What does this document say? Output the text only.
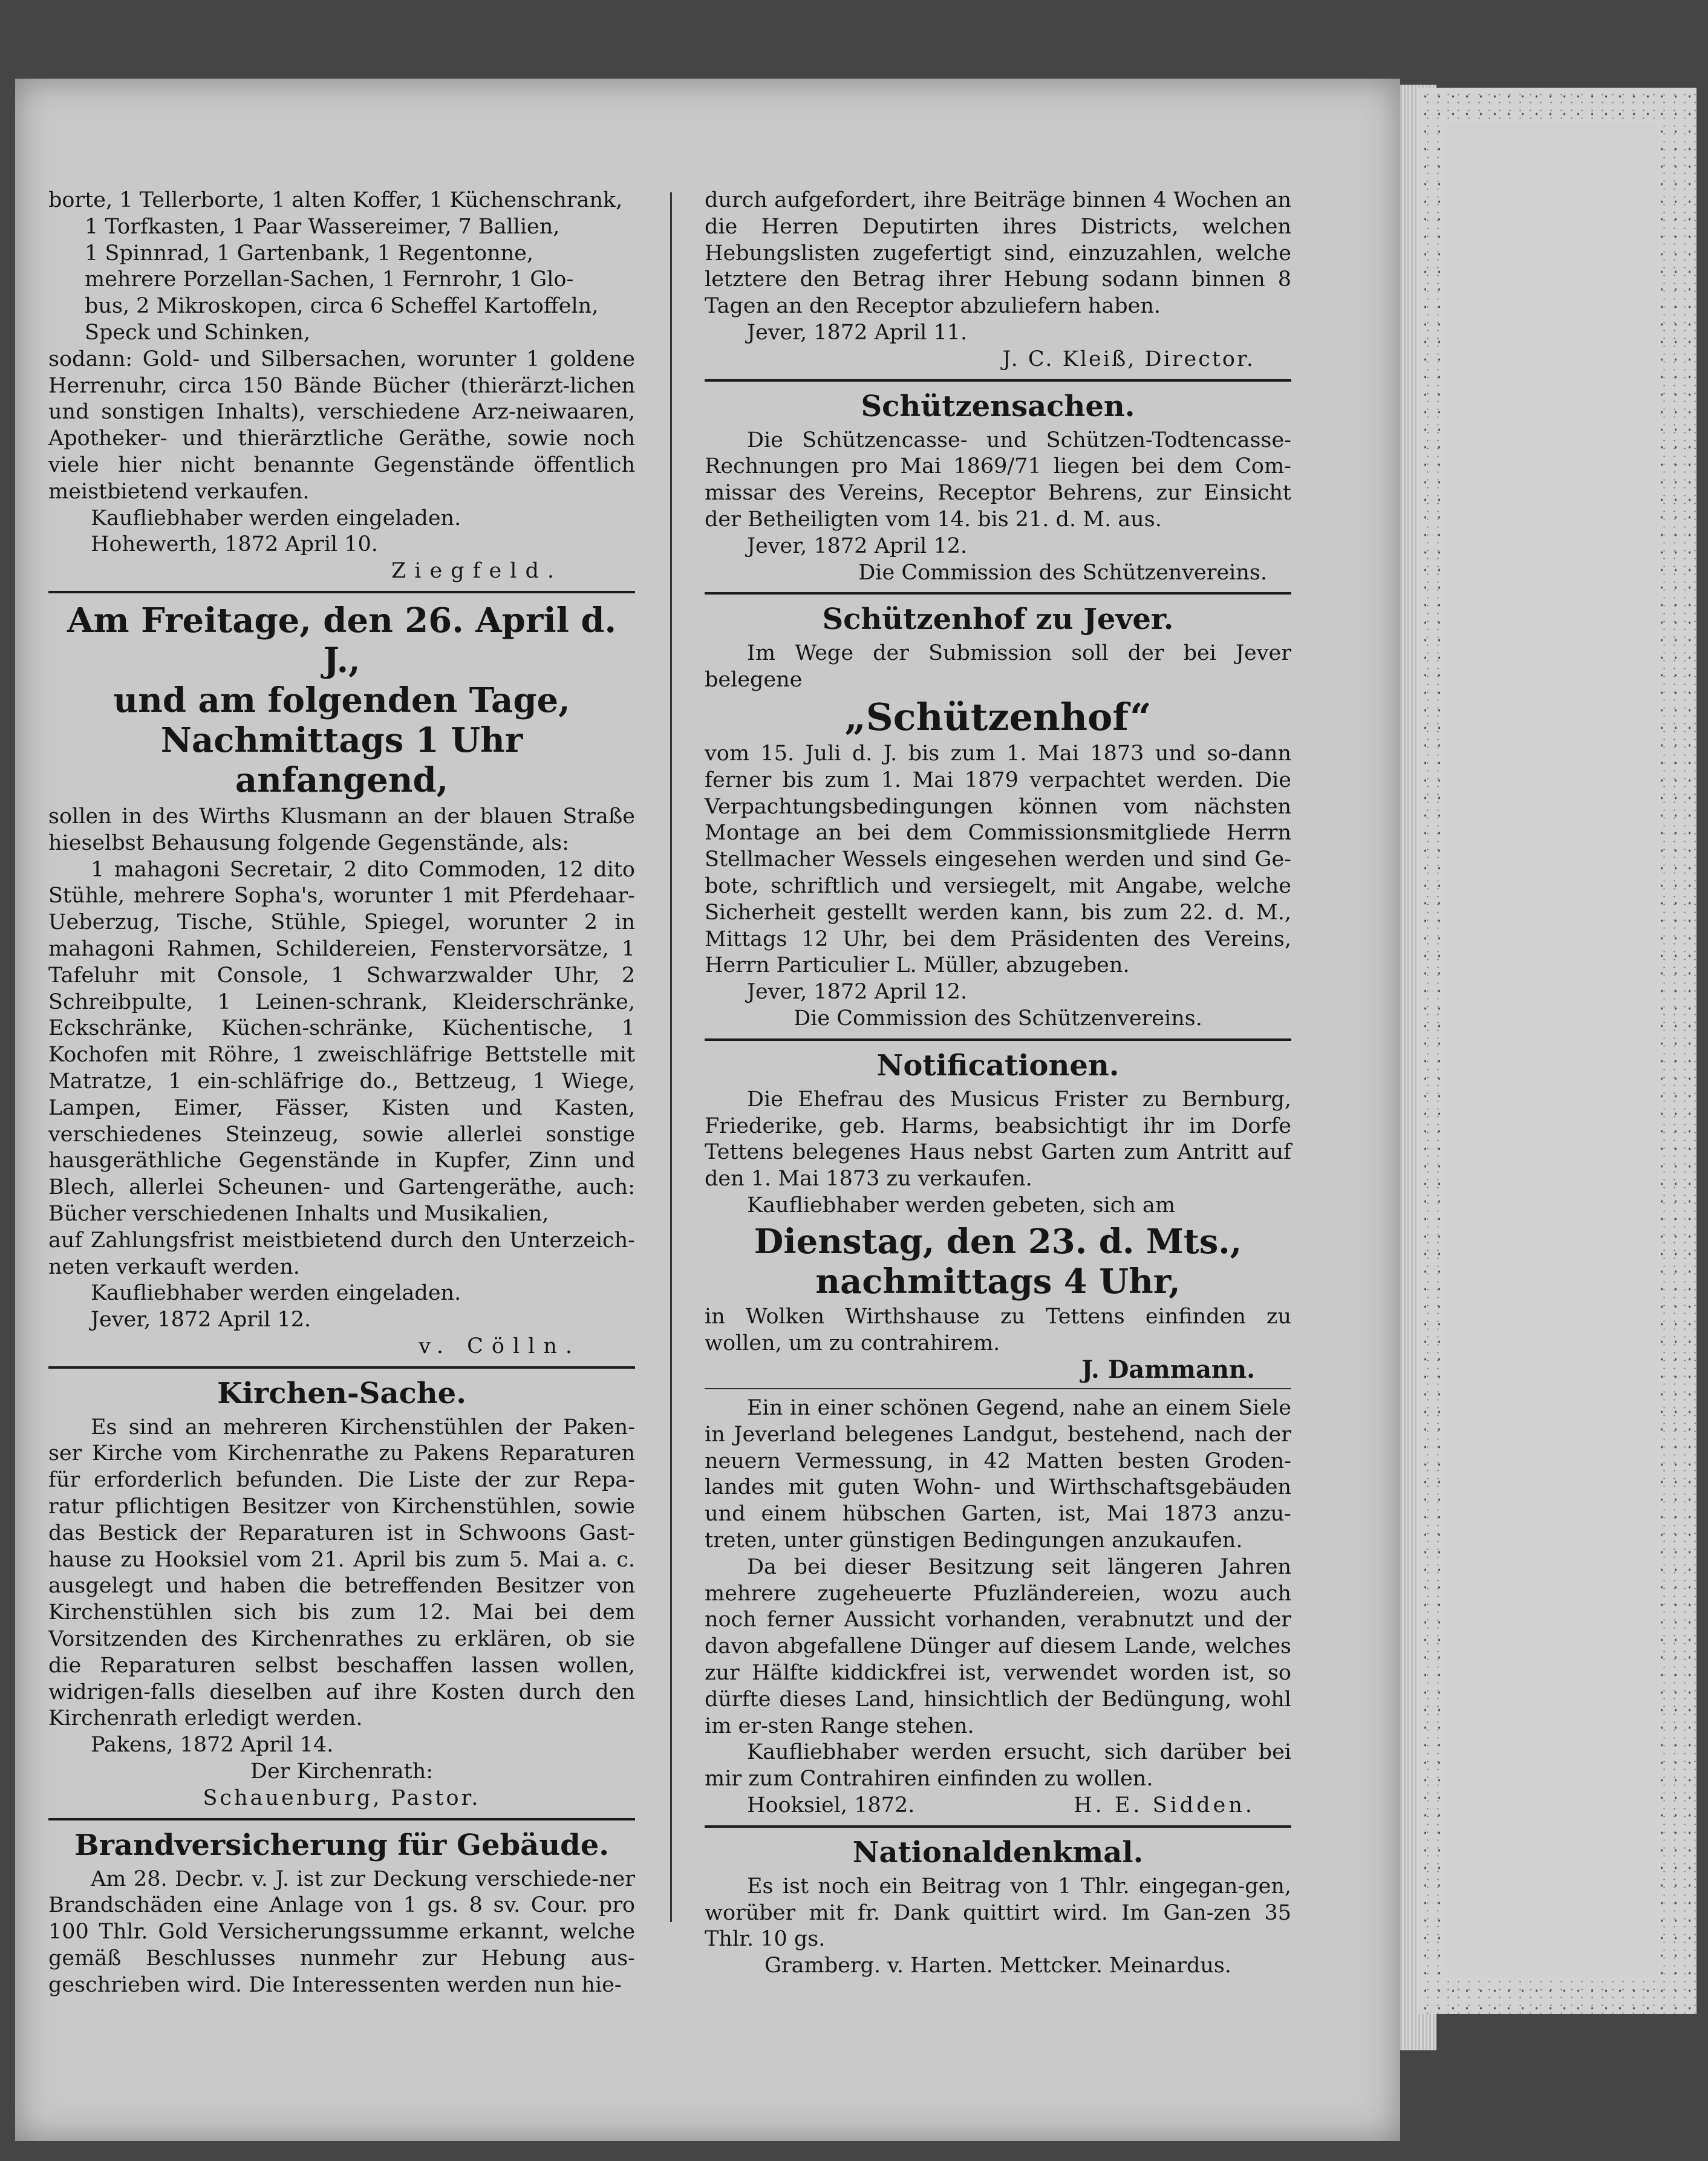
borte, 1 Tellerborte, 1 alten Koffer, 1 Küchenschrank,

1 Torfkasten, 1 Paar Wassereimer, 7 Ballien,

1 Spinnrad, 1 Gartenbank, 1 Regentonne,

mehrere Porzellan-Sachen, 1 Fernrohr, 1 Glo-

bus, 2 Mikroskopen, circa 6 Scheffel Kartoffeln,

Speck und Schinken,

sodann: Gold- und Silbersachen, worunter 1 goldene Herrenuhr, circa 150 Bände Bücher (thierärzt-lichen und sonstigen Inhalts), verschiedene Arz-neiwaaren, Apotheker- und thierärztliche Geräthe, sowie noch viele hier nicht benannte Gegenstände öffentlich meistbietend verkaufen.

Kaufliebhaber werden eingeladen.

Hohewerth, 1872 April 10.

Ziegfeld.

Am Freitage, den 26. April d. J.,
und am folgenden Tage,
Nachmittags 1 Uhr anfangend,

sollen in des Wirths Klusmann an der blauen Straße hieselbst Behausung folgende Gegenstände, als:

1 mahagoni Secretair, 2 dito Commoden, 12 dito Stühle, mehrere Sopha's, worunter 1 mit Pferdehaar-Ueberzug, Tische, Stühle, Spiegel, worunter 2 in mahagoni Rahmen, Schildereien, Fenstervorsätze, 1 Tafeluhr mit Console, 1 Schwarzwalder Uhr, 2 Schreibpulte, 1 Leinen-schrank, Kleiderschränke, Eckschränke, Küchen-schränke, Küchentische, 1 Kochofen mit Röhre, 1 zweischläfrige Bettstelle mit Matratze, 1 ein-schläfrige do., Bettzeug, 1 Wiege, Lampen, Eimer, Fässer, Kisten und Kasten, verschiedenes Steinzeug, sowie allerlei sonstige hausgeräthliche Gegenstände in Kupfer, Zinn und Blech, allerlei Scheunen- und Gartengeräthe, auch: Bücher verschiedenen Inhalts und Musikalien,

auf Zahlungsfrist meistbietend durch den Unterzeich-neten verkauft werden.

Kaufliebhaber werden eingeladen.

Jever, 1872 April 12.

v. Cölln.

Kirchen-Sache.

Es sind an mehreren Kirchenstühlen der Paken-ser Kirche vom Kirchenrathe zu Pakens Reparaturen für erforderlich befunden. Die Liste der zur Repa-ratur pflichtigen Besitzer von Kirchenstühlen, sowie das Bestick der Reparaturen ist in Schwoons Gast-hause zu Hooksiel vom 21. April bis zum 5. Mai a. c. ausgelegt und haben die betreffenden Besitzer von Kirchenstühlen sich bis zum 12. Mai bei dem Vorsitzenden des Kirchenrathes zu erklären, ob sie die Reparaturen selbst beschaffen lassen wollen, widrigen-falls dieselben auf ihre Kosten durch den Kirchenrath erledigt werden.

Pakens, 1872 April 14.

Der Kirchenrath:

Schauenburg, Pastor.

Brandversicherung für Gebäude.

Am 28. Decbr. v. J. ist zur Deckung verschiede-ner Brandschäden eine Anlage von 1 gs. 8 sv. Cour. pro 100 Thlr. Gold Versicherungssumme erkannt, welche gemäß Beschlusses nunmehr zur Hebung aus-geschrieben wird. Die Interessenten werden nun hie-

durch aufgefordert, ihre Beiträge binnen 4 Wochen an die Herren Deputirten ihres Districts, welchen Hebungslisten zugefertigt sind, einzuzahlen, welche letztere den Betrag ihrer Hebung sodann binnen 8 Tagen an den Receptor abzuliefern haben.

Jever, 1872 April 11.

J. C. Kleiß, Director.

Schützensachen.

Die Schützencasse- und Schützen-Todtencasse-Rechnungen pro Mai 1869/71 liegen bei dem Com-missar des Vereins, Receptor Behrens, zur Einsicht der Betheiligten vom 14. bis 21. d. M. aus.

Jever, 1872 April 12.

Die Commission des Schützenvereins.

Schützenhof zu Jever.

Im Wege der Submission soll der bei Jever belegene

„Schützenhof“

vom 15. Juli d. J. bis zum 1. Mai 1873 und so-dann ferner bis zum 1. Mai 1879 verpachtet werden. Die Verpachtungsbedingungen können vom nächsten Montage an bei dem Commissionsmitgliede Herrn Stellmacher Wessels eingesehen werden und sind Ge-bote, schriftlich und versiegelt, mit Angabe, welche Sicherheit gestellt werden kann, bis zum 22. d. M., Mittags 12 Uhr, bei dem Präsidenten des Vereins, Herrn Particulier L. Müller, abzugeben.

Jever, 1872 April 12.

Die Commission des Schützenvereins.

Notificationen.

Die Ehefrau des Musicus Frister zu Bernburg, Friederike, geb. Harms, beabsichtigt ihr im Dorfe Tettens belegenes Haus nebst Garten zum Antritt auf den 1. Mai 1873 zu verkaufen.

Kaufliebhaber werden gebeten, sich am

Dienstag, den 23. d. Mts.,
nachmittags 4 Uhr,

in Wolken Wirthshause zu Tettens einfinden zu wollen, um zu contrahirem.

J. Dammann.

Ein in einer schönen Gegend, nahe an einem Siele in Jeverland belegenes Landgut, bestehend, nach der neuern Vermessung, in 42 Matten besten Groden-landes mit guten Wohn- und Wirthschaftsgebäuden und einem hübschen Garten, ist, Mai 1873 anzu-treten, unter günstigen Bedingungen anzukaufen.

Da bei dieser Besitzung seit längeren Jahren mehrere zugeheuerte Pfuzländereien, wozu auch noch ferner Aussicht vorhanden, verabnutzt und der davon abgefallene Dünger auf diesem Lande, welches zur Hälfte kiddickfrei ist, verwendet worden ist, so dürfte dieses Land, hinsichtlich der Bedüngung, wohl im er-sten Range stehen.

Kaufliebhaber werden ersucht, sich darüber bei mir zum Contrahiren einfinden zu wollen.

Hooksiel, 1872.	H. E. Sidden.

Nationaldenkmal.

Es ist noch ein Beitrag von 1 Thlr. eingegan-gen, worüber mit fr. Dank quittirt wird. Im Gan-zen 35 Thlr. 10 gs.

Gramberg. v. Harten. Mettcker. Meinardus.
